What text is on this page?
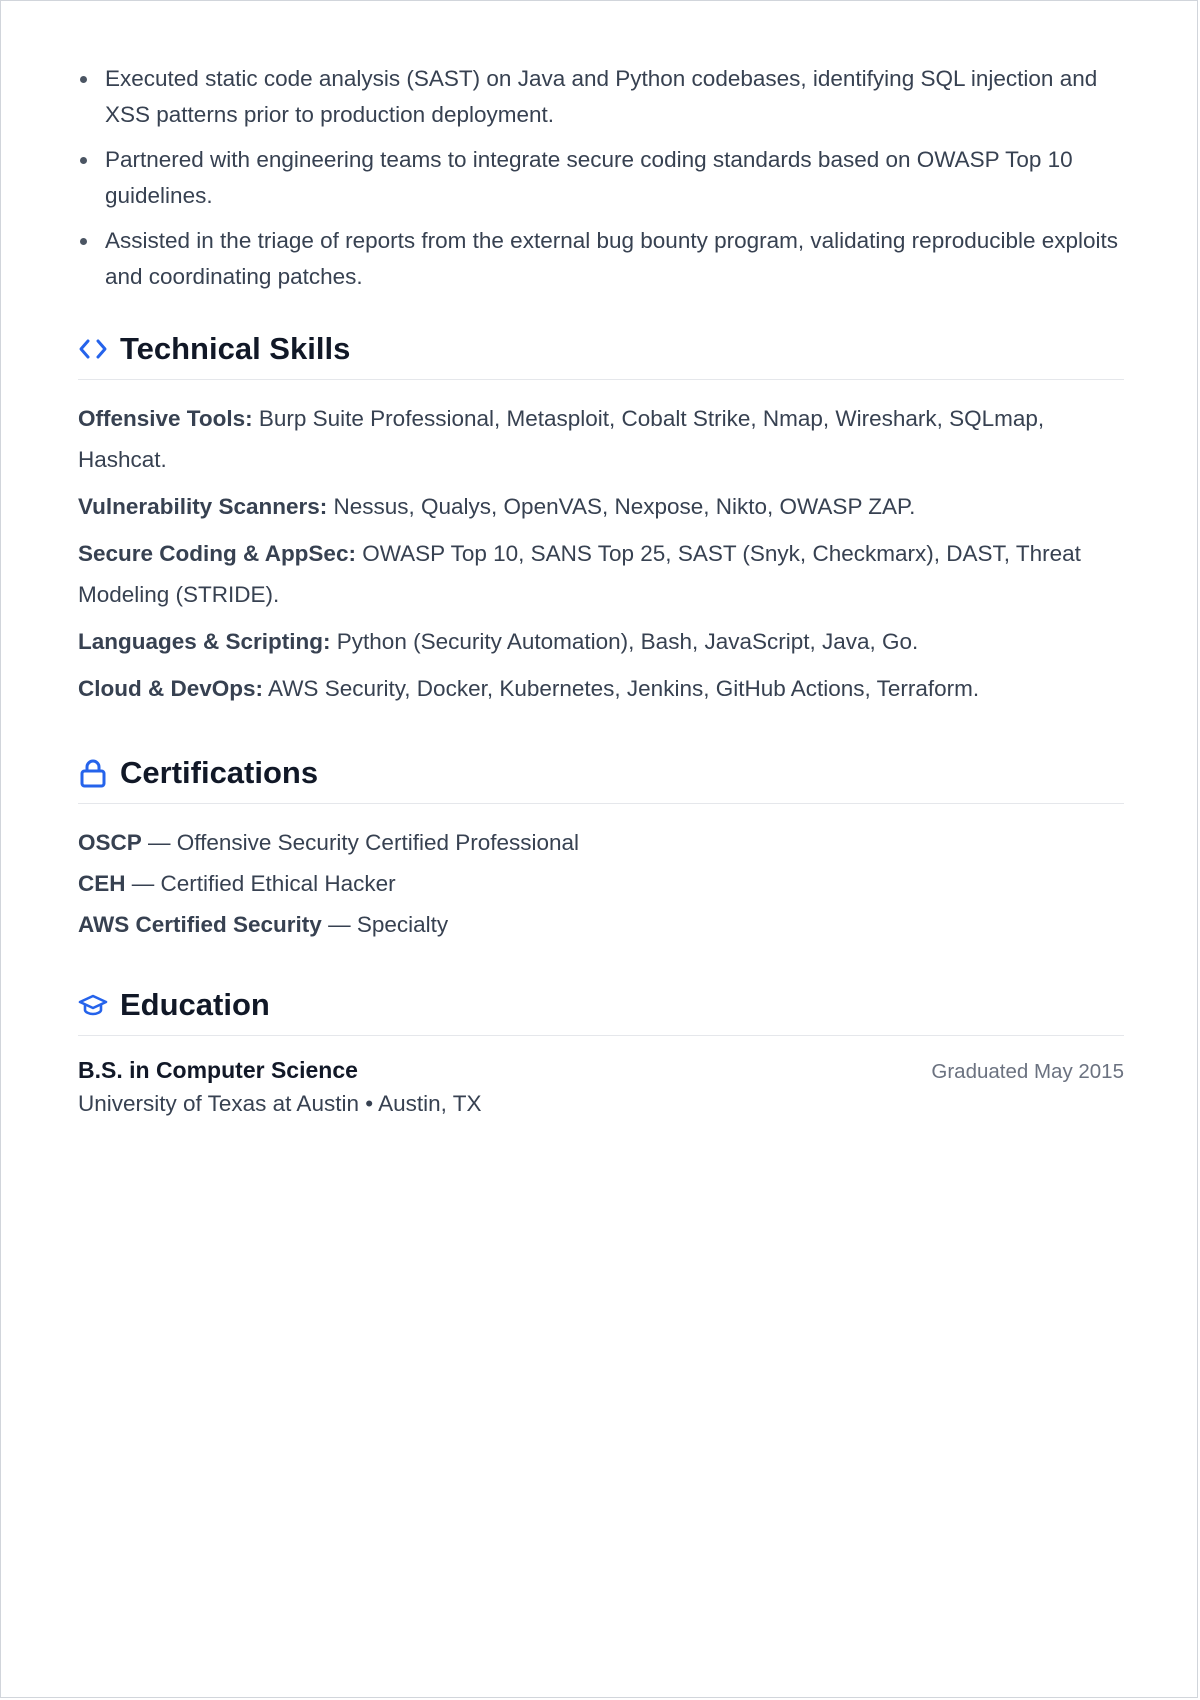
Executed static code analysis (SAST) on Java and Python codebases, identifying SQL injection and XSS patterns prior to production deployment.
Partnered with engineering teams to integrate secure coding standards based on OWASP Top 10 guidelines.
Assisted in the triage of reports from the external bug bounty program, validating reproducible exploits and coordinating patches.
Technical Skills

Offensive Tools: Burp Suite Professional, Metasploit, Cobalt Strike, Nmap, Wireshark, SQLmap, Hashcat.

Vulnerability Scanners: Nessus, Qualys, OpenVAS, Nexpose, Nikto, OWASP ZAP.

Secure Coding & AppSec: OWASP Top 10, SANS Top 25, SAST (Snyk, Checkmarx), DAST, Threat Modeling (STRIDE).

Languages & Scripting: Python (Security Automation), Bash, JavaScript, Java, Go.

Cloud & DevOps: AWS Security, Docker, Kubernetes, Jenkins, GitHub Actions, Terraform.

Certifications

OSCP — Offensive Security Certified Professional

CEH — Certified Ethical Hacker

AWS Certified Security — Specialty

Education
B.S. in Computer Science	Graduated May 2015
University of Texas at Austin • Austin, TX
